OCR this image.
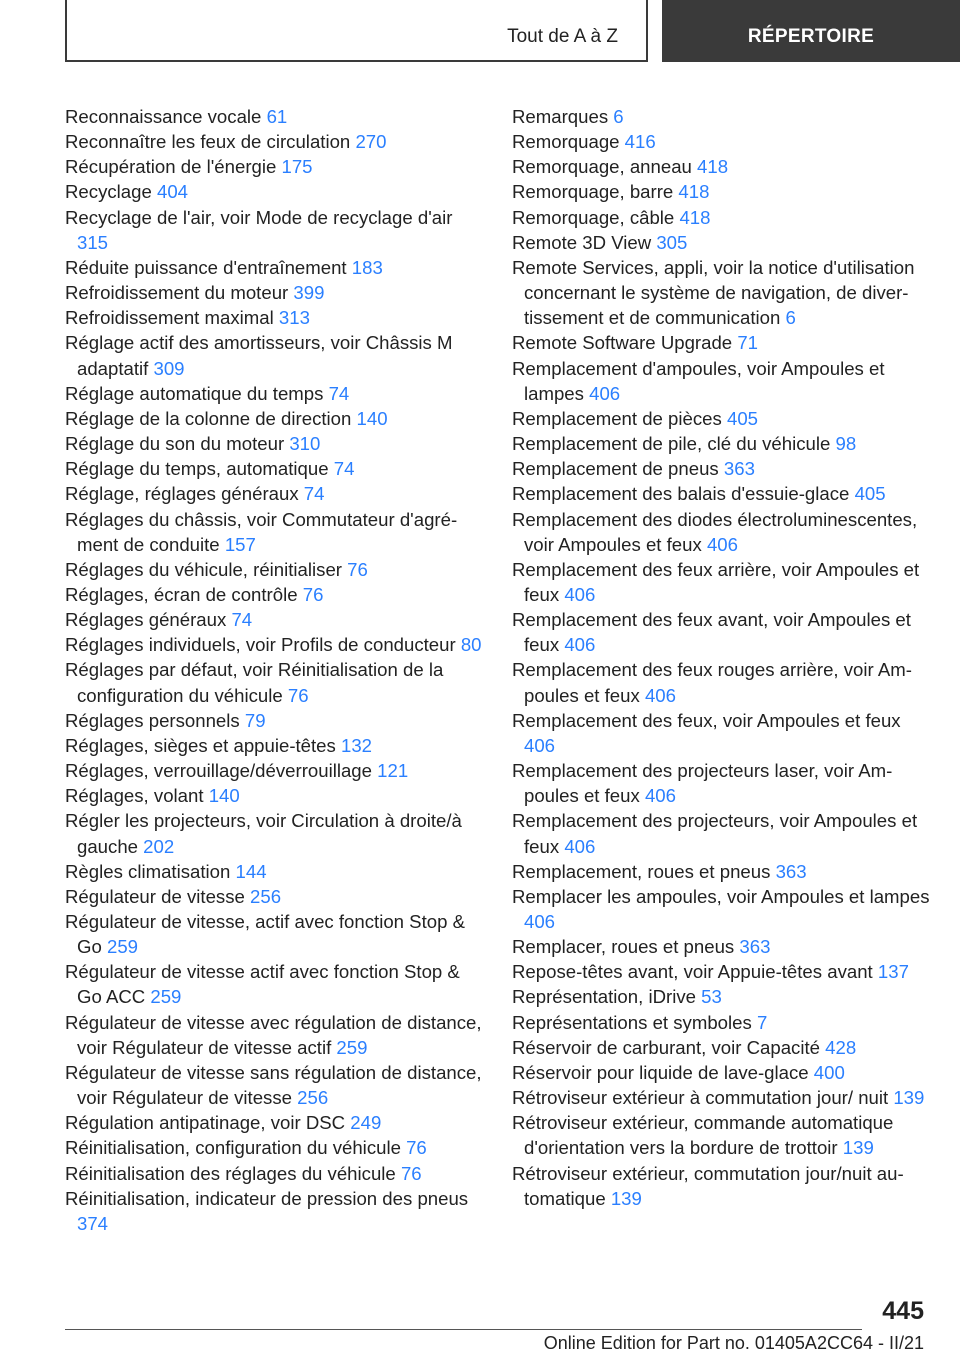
Tout de A à Z	RÉPERTOIRE

Reconnaissance vocale 61

Reconnaître les feux de circulation 270

Récupération de l'énergie 175

Recyclage 404

Recyclage de l'air, voir Mode de recyclage d'air 315

Réduite puissance d'entraînement 183

Refroidissement du moteur 399

Refroidissement maximal 313

Réglage actif des amortisseurs, voir Châssis M adaptatif 309

Réglage automatique du temps 74

Réglage de la colonne de direction 140

Réglage du son du moteur 310

Réglage du temps, automatique 74

Réglage, réglages généraux 74

Réglages du châssis, voir Commutateur d'agrément de conduite 157

Réglages du véhicule, réinitialiser 76

Réglages, écran de contrôle 76

Réglages généraux 74

Réglages individuels, voir Profils de conducteur 80

Réglages par défaut, voir Réinitialisation de la configuration du véhicule 76

Réglages personnels 79

Réglages, sièges et appuie-têtes 132

Réglages, verrouillage/déverrouillage 121

Réglages, volant 140

Régler les projecteurs, voir Circulation à droite/à gauche 202

Règles climatisation 144

Régulateur de vitesse 256

Régulateur de vitesse, actif avec fonction Stop & Go 259

Régulateur de vitesse actif avec fonction Stop & Go ACC 259

Régulateur de vitesse avec régulation de distance, voir Régulateur de vitesse actif 259

Régulateur de vitesse sans régulation de distance, voir Régulateur de vitesse 256

Régulation antipatinage, voir DSC 249

Réinitialisation, configuration du véhicule 76

Réinitialisation des réglages du véhicule 76

Réinitialisation, indicateur de pression des pneus 374

Remarques 6

Remorquage 416

Remorquage, anneau 418

Remorquage, barre 418

Remorquage, câble 418

Remote 3D View 305

Remote Services, appli, voir la notice d'utilisation concernant le système de navigation, de divertissement et de communication 6

Remote Software Upgrade 71

Remplacement d'ampoules, voir Ampoules et lampes 406

Remplacement de pièces 405

Remplacement de pile, clé du véhicule 98

Remplacement de pneus 363

Remplacement des balais d'essuie-glace 405

Remplacement des diodes électroluminescentes, voir Ampoules et feux 406

Remplacement des feux arrière, voir Ampoules et feux 406

Remplacement des feux avant, voir Ampoules et feux 406

Remplacement des feux rouges arrière, voir Ampoules et feux 406

Remplacement des feux, voir Ampoules et feux 406

Remplacement des projecteurs laser, voir Ampoules et feux 406

Remplacement des projecteurs, voir Ampoules et feux 406

Remplacement, roues et pneus 363

Remplacer les ampoules, voir Ampoules et lampes 406

Remplacer, roues et pneus 363

Repose-têtes avant, voir Appuie-têtes avant 137

Représentation, iDrive 53

Représentations et symboles 7

Réservoir de carburant, voir Capacité 428

Réservoir pour liquide de lave-glace 400

Rétroviseur extérieur à commutation jour/ nuit 139

Rétroviseur extérieur, commande automatique d'orientation vers la bordure de trottoir 139

Rétroviseur extérieur, commutation jour/nuit automatique 139

445
Online Edition for Part no. 01405A2CC64 - II/21
